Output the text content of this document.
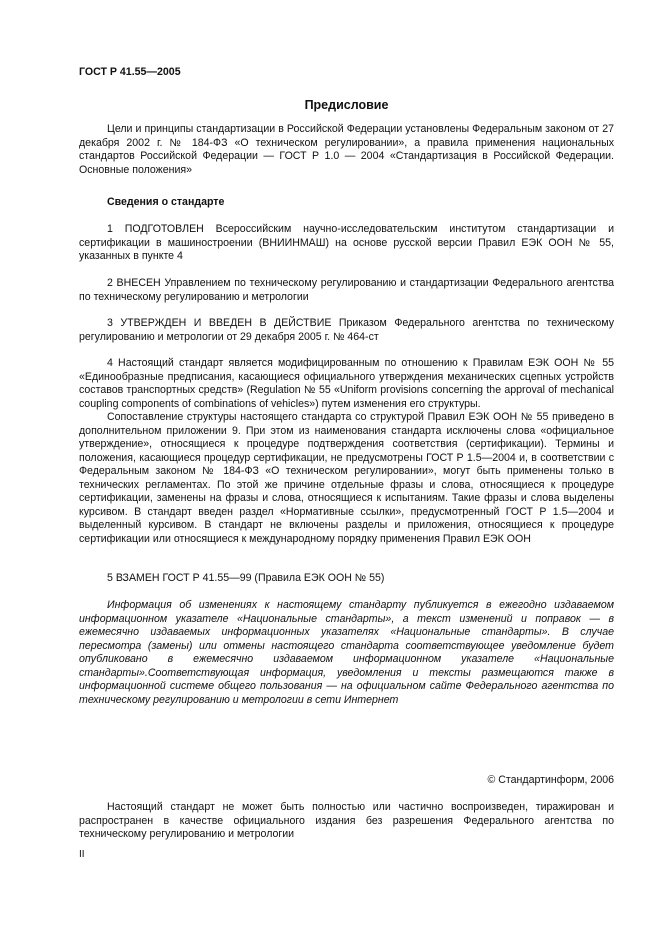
ГОСТ Р 41.55—2005
Предисловие

Цели и принципы стандартизации в Российской Федерации установлены Федеральным законом от 27 декабря 2002 г. № 184-ФЗ «О техническом регулировании», а правила применения национальных стандартов Российской Федерации — ГОСТ Р 1.0 — 2004 «Стандартизация в Российской Федерации. Основные положения»

Сведения о стандарте

1 ПОДГОТОВЛЕН Всероссийским научно-исследовательским институтом стандартизации и сертификации в машиностроении (ВНИИНМАШ) на основе русской версии Правил ЕЭК ООН № 55, указанных в пункте 4

2 ВНЕСЕН Управлением по техническому регулированию и стандартизации Федерального агентства по техническому регулированию и метрологии

3 УТВЕРЖДЕН И ВВЕДЕН В ДЕЙСТВИЕ Приказом Федерального агентства по техническому регулированию и метрологии от 29 декабря 2005 г. № 464-ст

4 Настоящий стандарт является модифицированным по отношению к Правилам ЕЭК ООН № 55 «Единообразные предписания, касающиеся официального утверждения механических сцепных устройств составов транспортных средств» (Regulation № 55 «Uniform provisions concerning the approval of mechanical coupling components of combinations of vehicles») путем изменения его структуры.

Сопоставление структуры настоящего стандарта со структурой Правил ЕЭК ООН № 55 приведено в дополнительном приложении 9. При этом из наименования стандарта исключены слова «официальное утверждение», относящиеся к процедуре подтверждения соответствия (сертификации). Термины и положения, касающиеся процедур сертификации, не предусмотрены ГОСТ Р 1.5—2004 и, в соответствии с Федеральным законом № 184-ФЗ «О техническом регулировании», могут быть применены только в технических регламентах. По этой же причине отдельные фразы и слова, относящиеся к процедуре сертификации, заменены на фразы и слова, относящиеся к испытаниям. Такие фразы и слова выделены курсивом. В стандарт введен раздел «Нормативные ссылки», предусмотренный ГОСТ Р 1.5—2004 и выделенный курсивом. В стандарт не включены разделы и приложения, относящиеся к процедуре сертификации или относящиеся к международному порядку применения Правил ЕЭК ООН

5 ВЗАМЕН ГОСТ Р 41.55—99 (Правила ЕЭК ООН № 55)

Информация об изменениях к настоящему стандарту публикуется в ежегодно издаваемом информационном указателе «Национальные стандарты», а текст изменений и поправок — в ежемесячно издаваемых информационных указателях «Национальные стандарты». В случае пересмотра (замены) или отмены настоящего стандарта соответствующее уведомление будет опубликовано в ежемесячно издаваемом информационном указателе «Национальные стандарты».Соответствующая информация, уведомления и тексты размещаются также в информационной системе общего пользования — на официальном сайте Федерального агентства по техническому регулированию и метрологии в сети Интернет

© Стандартинформ, 2006

Настоящий стандарт не может быть полностью или частично воспроизведен, тиражирован и распространен в качестве официального издания без разрешения Федерального агентства по техническому регулированию и метрологии

II
